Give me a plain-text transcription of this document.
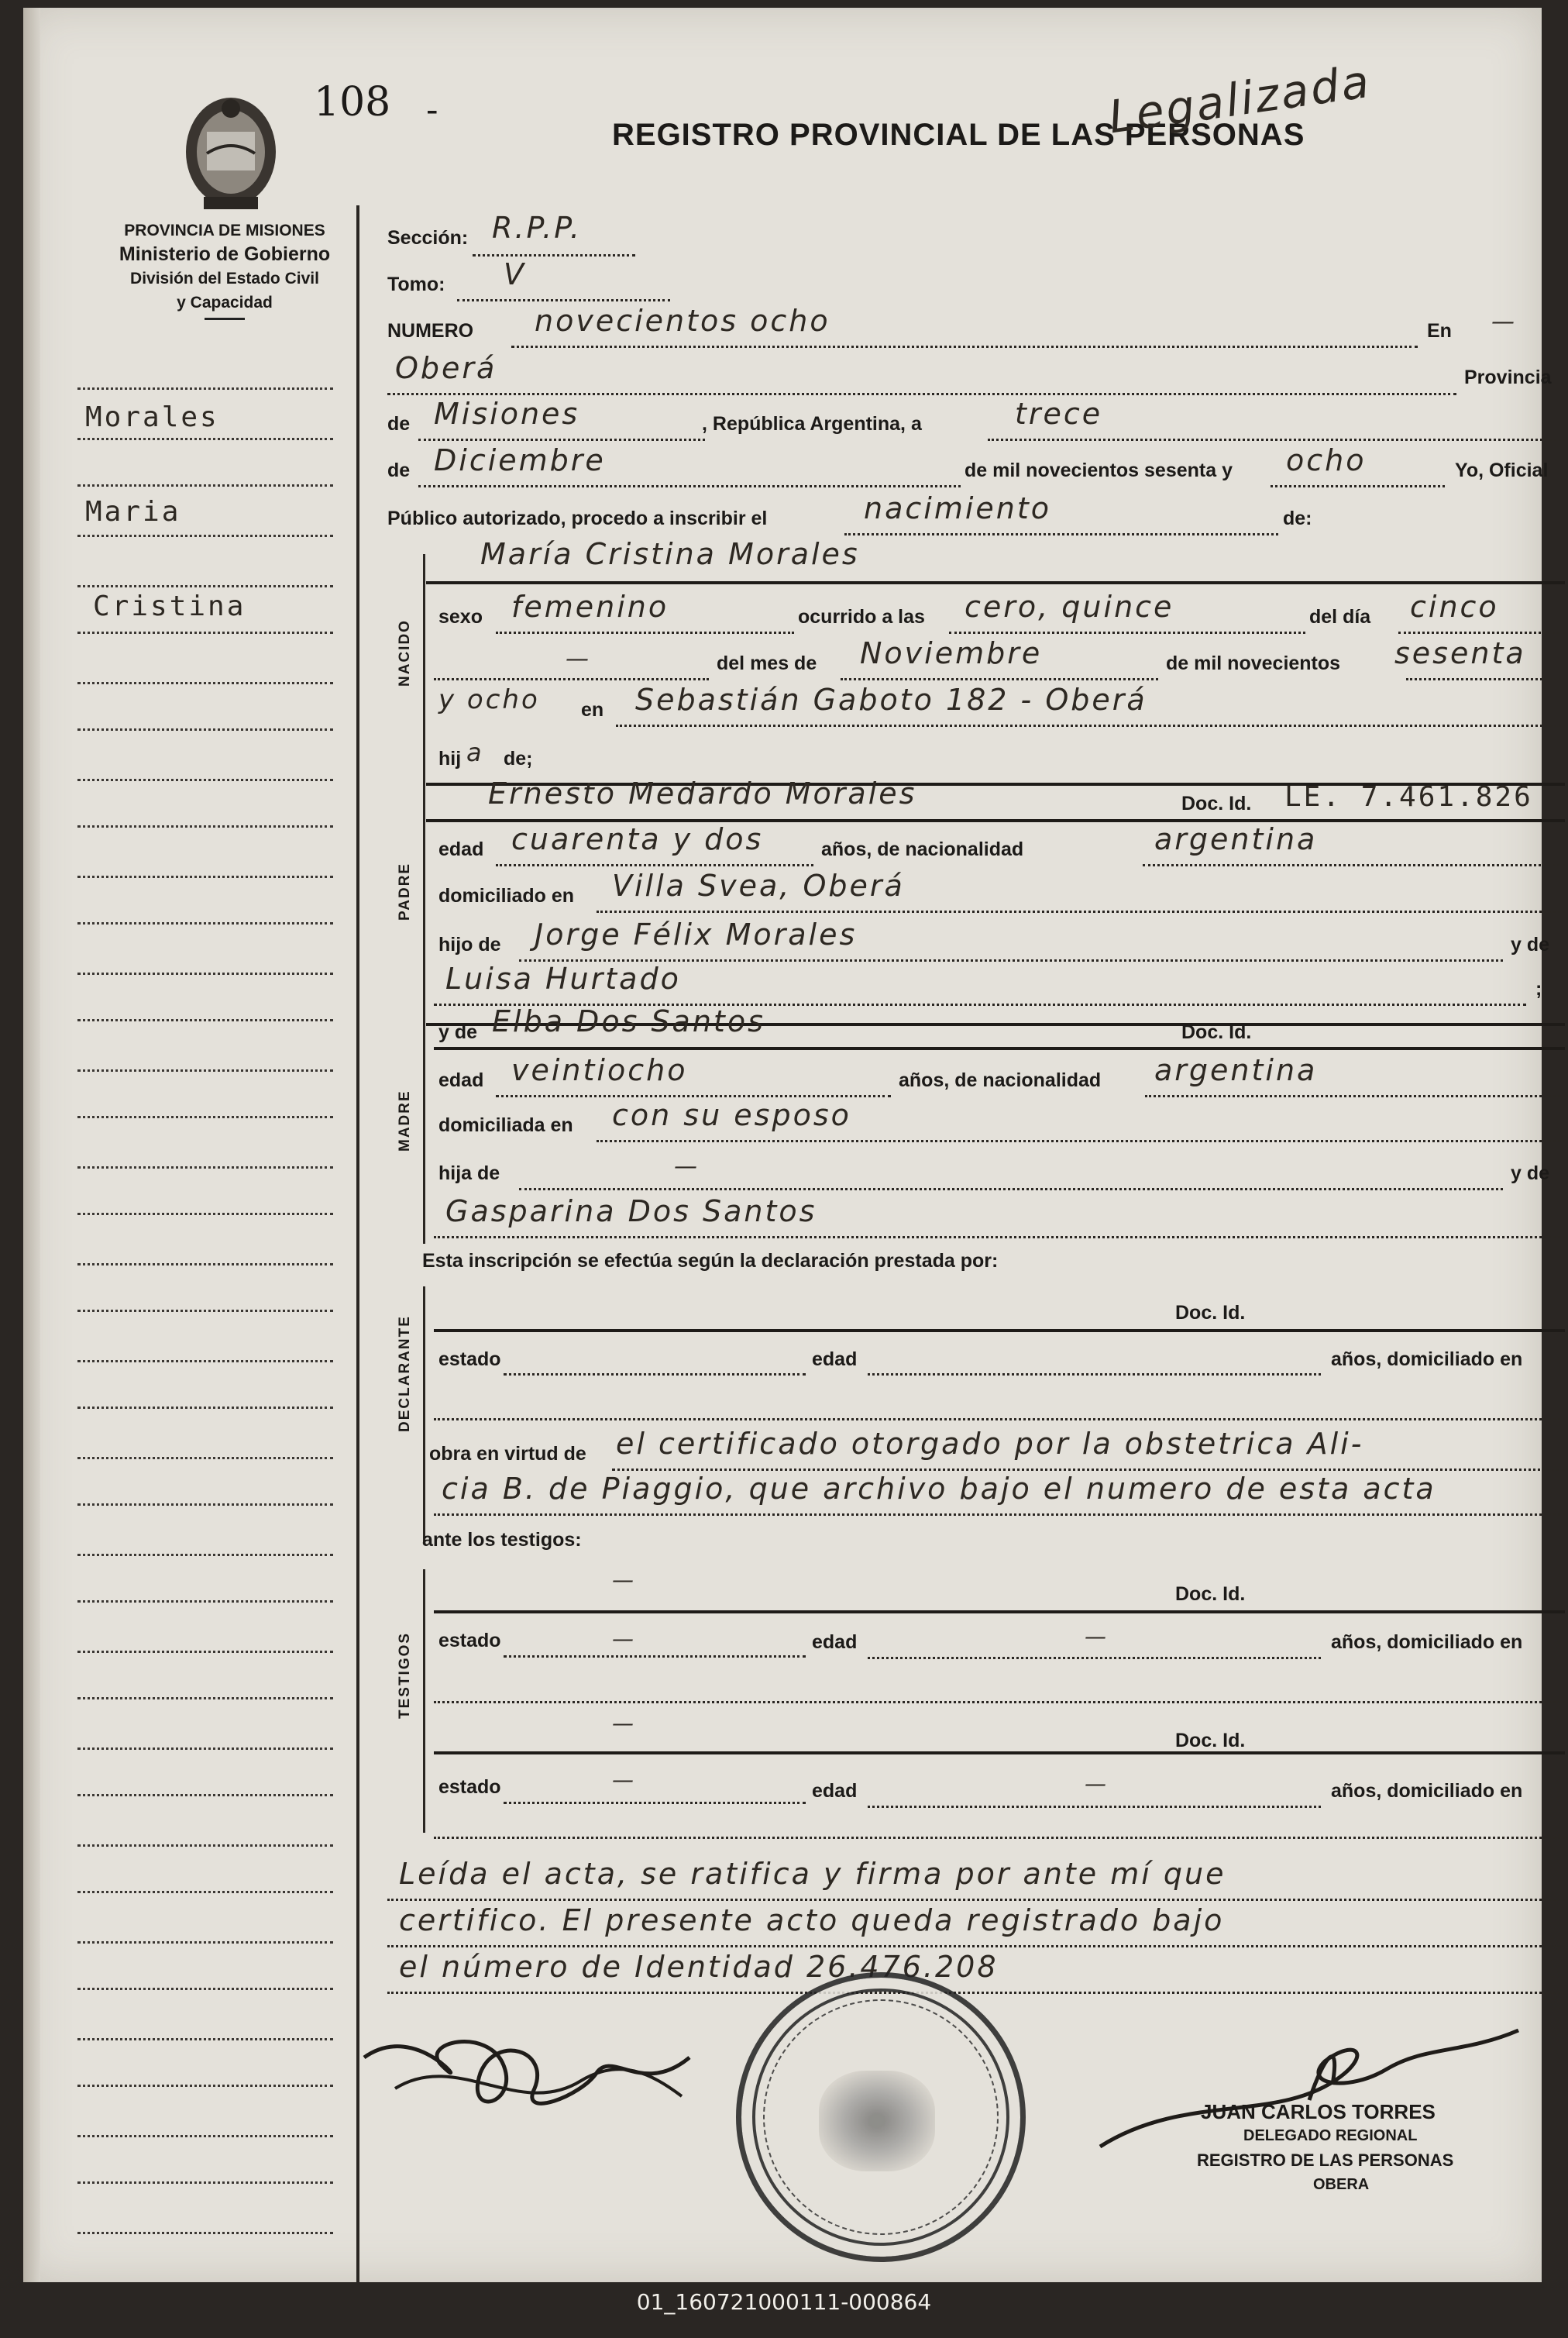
108 -
REGISTRO PROVINCIAL DE LAS PERSONAS
Legalizada
PROVINCIA DE MISIONES
Ministerio de Gobierno
División del Estado Civil
y Capacidad
Morales
Maria
Cristina
Sección: R.P.P.
Tomo: V
NUMERO novecientos ocho	En —
Oberá	Provincia
de Misiones	, República Argentina, a	trece
de Diciembre	de mil novecientos sesenta y ocho	Yo, Oficial
Público autorizado, procedo a inscribir el	nacimiento	de:
NACIDO
María Cristina Morales
sexo femenino	ocurrido a las cero, quince	del día cinco
—	del mes de Noviembre	de mil novecientos sesenta
y ocho en Sebastián Gaboto 182 - Oberá
hij a de;
PADRE
Ernesto Medardo Morales	Doc. Id. LE. 7.461.826
edad cuarenta y dos	años, de nacionalidad	argentina
domiciliado en Villa Svea, Oberá
hijo de Jorge Félix Morales	y de
Luisa Hurtado	;
MADRE
y de Elba Dos Santos	Doc. Id.
edad veintiocho	años, de nacionalidad argentina
domiciliada en con su esposo
hija de	—	y de
Gasparina Dos Santos
Esta inscripción se efectúa según la declaración prestada por:
DECLARANTE
Doc. Id.
estado	edad	años, domiciliado en
obra en virtud de el certificado otorgado por la obstetrica Ali-
cia B. de Piaggio, que archivo bajo el numero de esta acta
ante los testigos:
TESTIGOS
—
Doc. Id.
estado	—	edad	—	años, domiciliado en
—
Doc. Id.
estado	—	edad	—	años, domiciliado en
Leída el acta, se ratifica y firma por ante mí que
certifico. El presente acto queda registrado bajo
el número de Identidad 26.476.208
JUAN CARLOS TORRES
DELEGADO REGIONAL
REGISTRO DE LAS PERSONAS
OBERA
01_160721000111-000864
